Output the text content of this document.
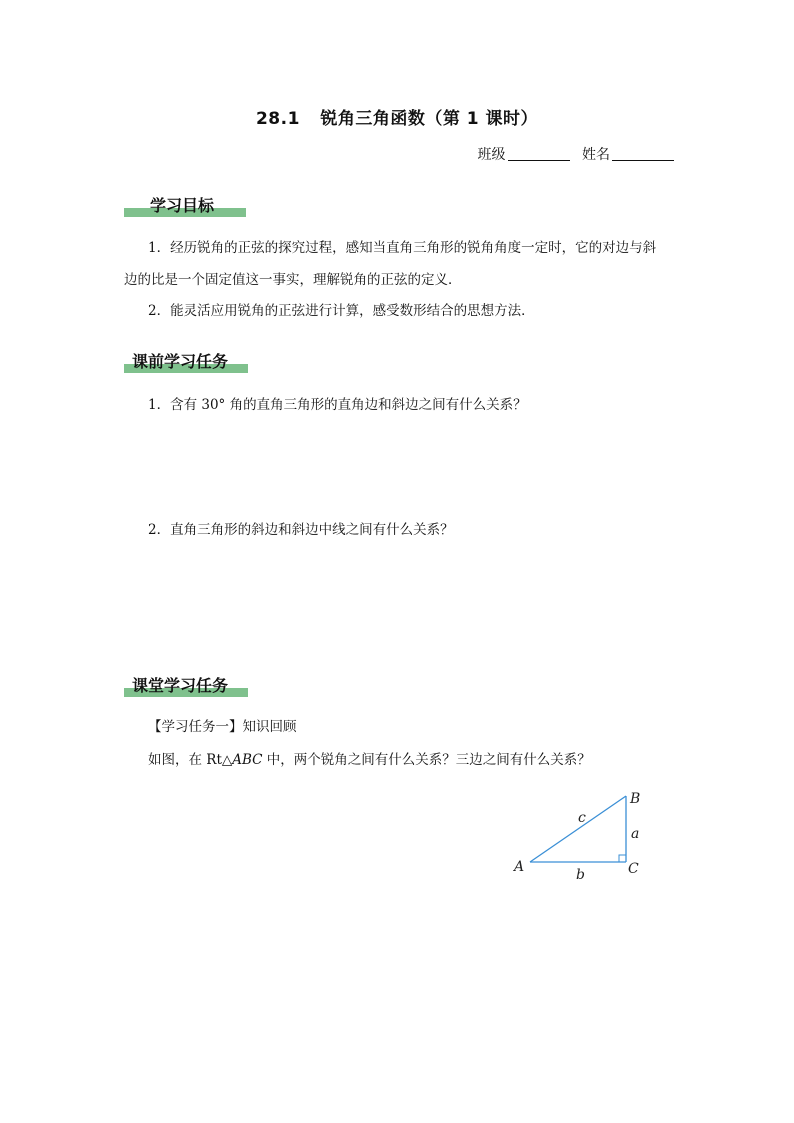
28.1 锐角三角函数（第 1 课时）
班级	姓名
学习目标
1．经历锐角的正弦的探究过程，感知当直角三角形的锐角角度一定时，它的对边与斜
边的比是一个固定值这一事实，理解锐角的正弦的定义．
2．能灵活应用锐角的正弦进行计算，感受数形结合的思想方法．
课前学习任务
1．含有 30° 角的直角三角形的直角边和斜边之间有什么关系？
2．直角三角形的斜边和斜边中线之间有什么关系？
课堂学习任务
【学习任务一】知识回顾
如图，在 Rt△ABC 中，两个锐角之间有什么关系？三边之间有什么关系？
A
B
C
a
b
c
